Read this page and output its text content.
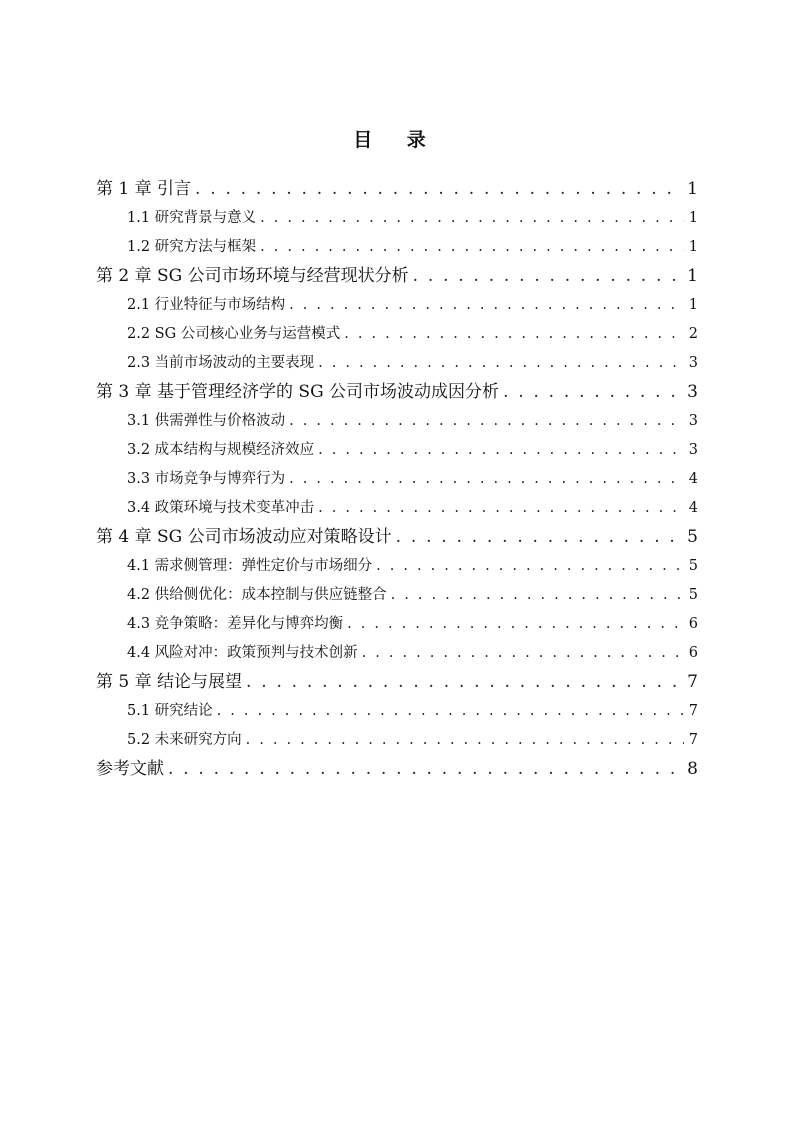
目 录
第 1 章 引言 . . .	1
1.1 研究背景与意义 . . .	1
1.2 研究方法与框架 . . .	1
第 2 章 SG 公司市场环境与经营现状分析 . . .	1
2.1 行业特征与市场结构 . . .	1
2.2 SG 公司核心业务与运营模式 . . .	2
2.3 当前市场波动的主要表现 . . .	3
第 3 章 基于管理经济学的 SG 公司市场波动成因分析 . . .	3
3.1 供需弹性与价格波动 . . .	3
3.2 成本结构与规模经济效应 . . .	3
3.3 市场竞争与博弈行为 . . .	4
3.4 政策环境与技术变革冲击 . . .	4
第 4 章 SG 公司市场波动应对策略设计 . . .	5
4.1 需求侧管理：弹性定价与市场细分 . . .	5
4.2 供给侧优化：成本控制与供应链整合 . . .	5
4.3 竞争策略：差异化与博弈均衡 . . .	6
4.4 风险对冲：政策预判与技术创新 . . .	6
第 5 章 结论与展望 . . .	7
5.1 研究结论 . . .	7
5.2 未来研究方向 . . .	7
参考文献 . . .	8
